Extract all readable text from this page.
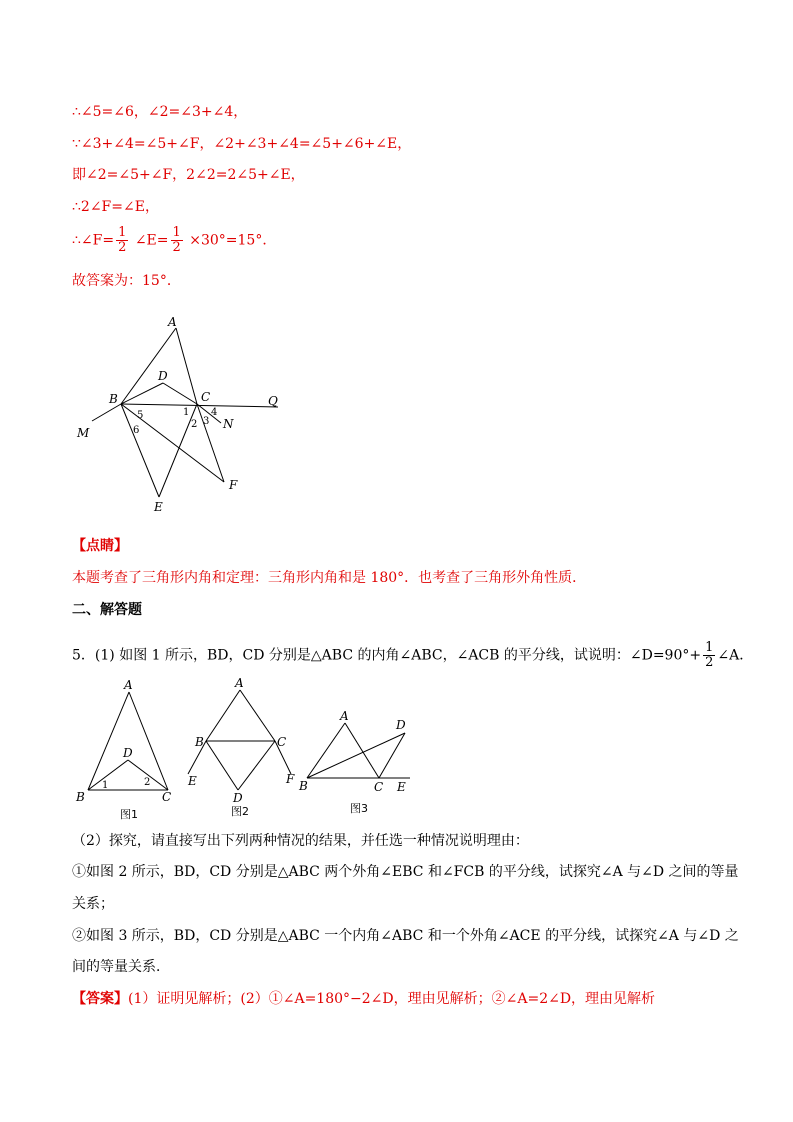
∴∠5=∠6，∠2=∠3+∠4，
∵∠3+∠4=∠5+∠F，∠2+∠3+∠4=∠5+∠6+∠E，
即∠2=∠5+∠F，2∠2=2∠5+∠E，
∴2∠F=∠E，
∴∠F= $\frac{1}{2}$ ∠E= $\frac{1}{2} \times 30^\circ=15^\circ$．
故答案为：15°．
A
B	C
D
E
F
M
N
Q
1
2 3
4
5
6
【点睛】
本题考查了三角形内角和定理：三角形内角和是 180°．也考查了三角形外角性质．
二、解答题
5．(1) 如图 1 所示，BD，CD 分别是△ABC 的内角∠ABC，∠ACB 的平分线，试说明：∠D=90°+ $\frac{1}{2}$ ∠A．
A
B	C
D
1	2
图1
A
B	C
D
E	F
图2
A
B	C
D
E
图3
（2）探究，请直接写出下列两种情况的结果，并任选一种情况说明理由：
①如图 2 所示，BD，CD 分别是△ABC 两个外角∠EBC 和∠FCB 的平分线，试探究∠A 与∠D 之间的等量
关系；
②如图 3 所示，BD，CD 分别是△ABC 一个内角∠ABC 和一个外角∠ACE 的平分线，试探究∠A 与∠D 之
间的等量关系．
【答案】(1）证明见解析；(2）①∠A=180°−2∠D，理由见解析；②∠A=2∠D，理由见解析
